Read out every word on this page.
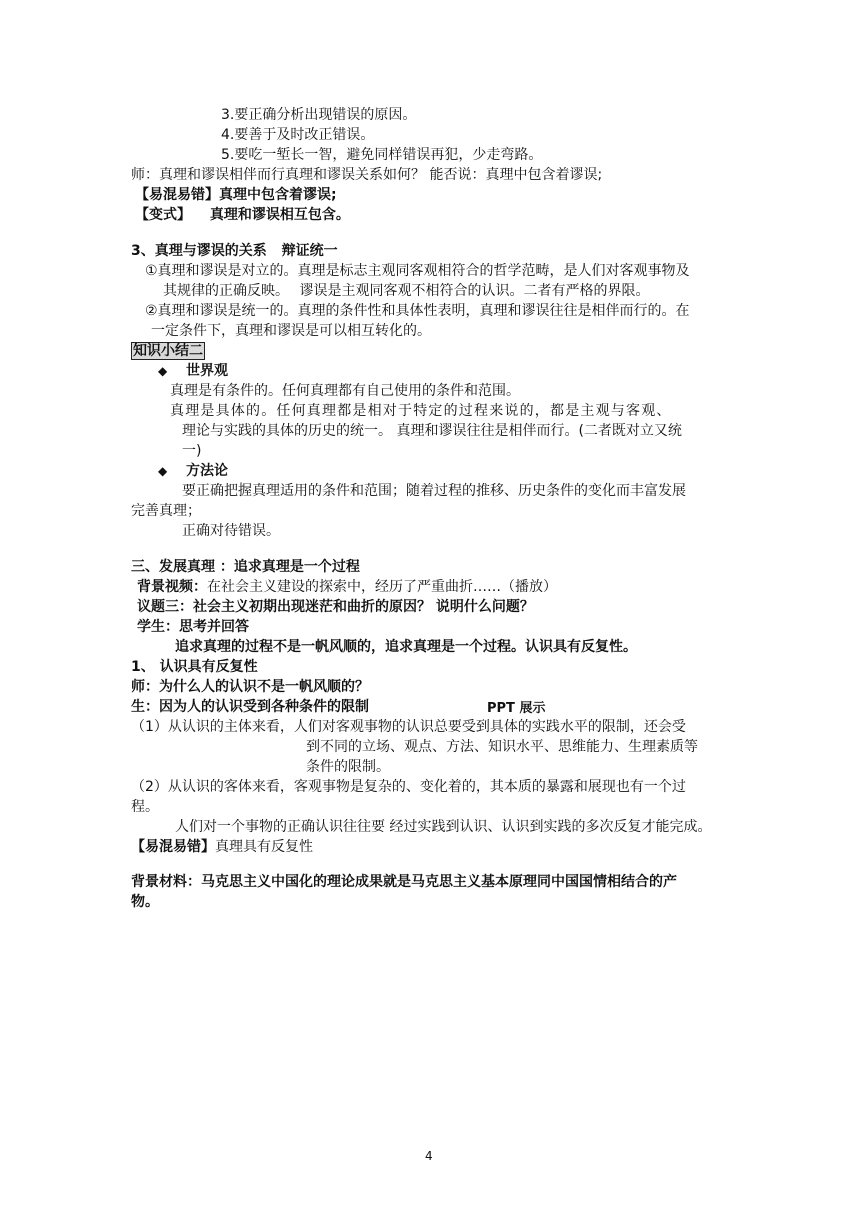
3.要正确分析出现错误的原因。
4.要善于及时改正错误。
5.要吃一堑长一智，避免同样错误再犯，少走弯路。
师：真理和谬误相伴而行真理和谬误关系如何？ 能否说：真理中包含着谬误;
【易混易错】真理中包含着谬误;
【变式】 真理和谬误相互包含。
3、真理与谬误的关系 辩证统一
①真理和谬误是对立的。真理是标志主观同客观相符合的哲学范畴，是人们对客观事物及
其规律的正确反映。 谬误是主观同客观不相符合的认识。二者有严格的界限。
②真理和谬误是统一的。真理的条件性和具体性表明，真理和谬误往往是相伴而行的。在
一定条件下，真理和谬误是可以相互转化的。
知识小结二
◆ 世界观
真理是有条件的。任何真理都有自己使用的条件和范围。
真理是具体的。任何真理都是相对于特定的过程来说的，都是主观与客观、
理论与实践的具体的历史的统一。 真理和谬误往往是相伴而行。(二者既对立又统
一)
◆ 方法论
要正确把握真理适用的条件和范围；随着过程的推移、历史条件的变化而丰富发展
完善真理；
正确对待错误。
三、发展真理 ：追求真理是一个过程
背景视频：在社会主义建设的探索中，经历了严重曲折……（播放）
议题三：社会主义初期出现迷茫和曲折的原因？ 说明什么问题？
学生：思考并回答
追求真理的过程不是一帆风顺的，追求真理是一个过程。认识具有反复性。
1、 认识具有反复性
师：为什么人的认识不是一帆风顺的？
生：因为人的认识受到各种条件的限制	PPT 展示
（1）从认识的主体来看，人们对客观事物的认识总要受到具体的实践水平的限制，还会受
到不同的立场、观点、方法、知识水平、思维能力、生理素质等
条件的限制。
（2）从认识的客体来看，客观事物是复杂的、变化着的，其本质的暴露和展现也有一个过
程。
人们对一个事物的正确认识往往要 经过实践到认识、认识到实践的多次反复才能完成。
【易混易错】真理具有反复性
背景材料：马克思主义中国化的理论成果就是马克思主义基本原理同中国国情相结合的产
物。
4
